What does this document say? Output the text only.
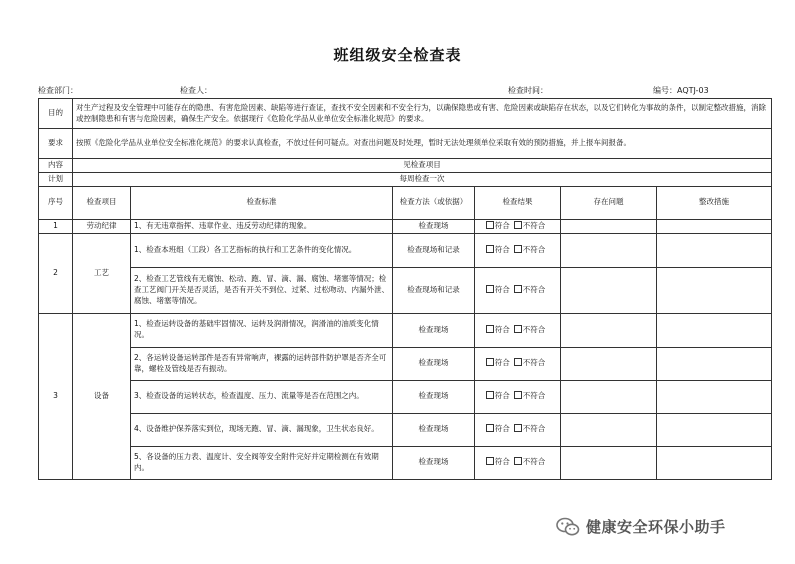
班组级安全检查表
检查部门：	检查人：	检查时间：	编号：AQTJ-03
目的	对生产过程及安全管理中可能存在的隐患、有害危险因素、缺陷等进行查证，查找不安全因素和不安全行为，以确保隐患或有害、危险因素或缺陷存在状态，以及它们转化为事故的条件，以制定整改措施，消除或控制隐患和有害与危险因素，确保生产安全。依据现行《危险化学品从业单位安全标准化规范》的要求。					
要求	按照《危险化学品从业单位安全标准化规范》的要求认真检查，不放过任何可疑点。对查出问题及时处理，暂时无法处理须单位采取有效的预防措施，并上报车间报备。					
内容	见检查项目					
计划	每周检查一次					
序号	检查项目	检查标准	检查方法（或依据）	检查结果	存在问题	整改措施
1	劳动纪律	1、有无违章指挥、违章作业、违反劳动纪律的现象。	检查现场	符合 不符合		
2	工艺	1、检查本班组（工段）各工艺指标的执行和工艺条件的变化情况。	检查现场和记录	符合 不符合		
		2、检查工艺管线有无腐蚀、松动、跑、冒、滴、漏、腐蚀、堵塞等情况；检查工艺阀门开关是否灵活，是否有开关不到位、过紧、过松吻动、内漏外泄、腐蚀、堵塞等情况。	检查现场和记录	符合 不符合		
3	设备	1、检查运转设备的基础牢固情况、运转及润滑情况，润滑油的油质变化情况。	检查现场	符合 不符合		
		2、各运转设备运转部件是否有异常响声，裸露的运转部件防护罩是否齐全可靠，螺栓及管线是否有振动。	检查现场	符合 不符合		
		3、检查设备的运转状态，检查温度、压力、流量等是否在范围之内。	检查现场	符合 不符合		
		4、设备维护保养落实到位，现场无跑、冒、滴、漏现象，卫生状态良好。	检查现场	符合 不符合		
		5、各设备的压力表、温度计、安全阀等安全附件完好并定期检测在有效期内。	检查现场	符合 不符合		
健康安全环保小助手
